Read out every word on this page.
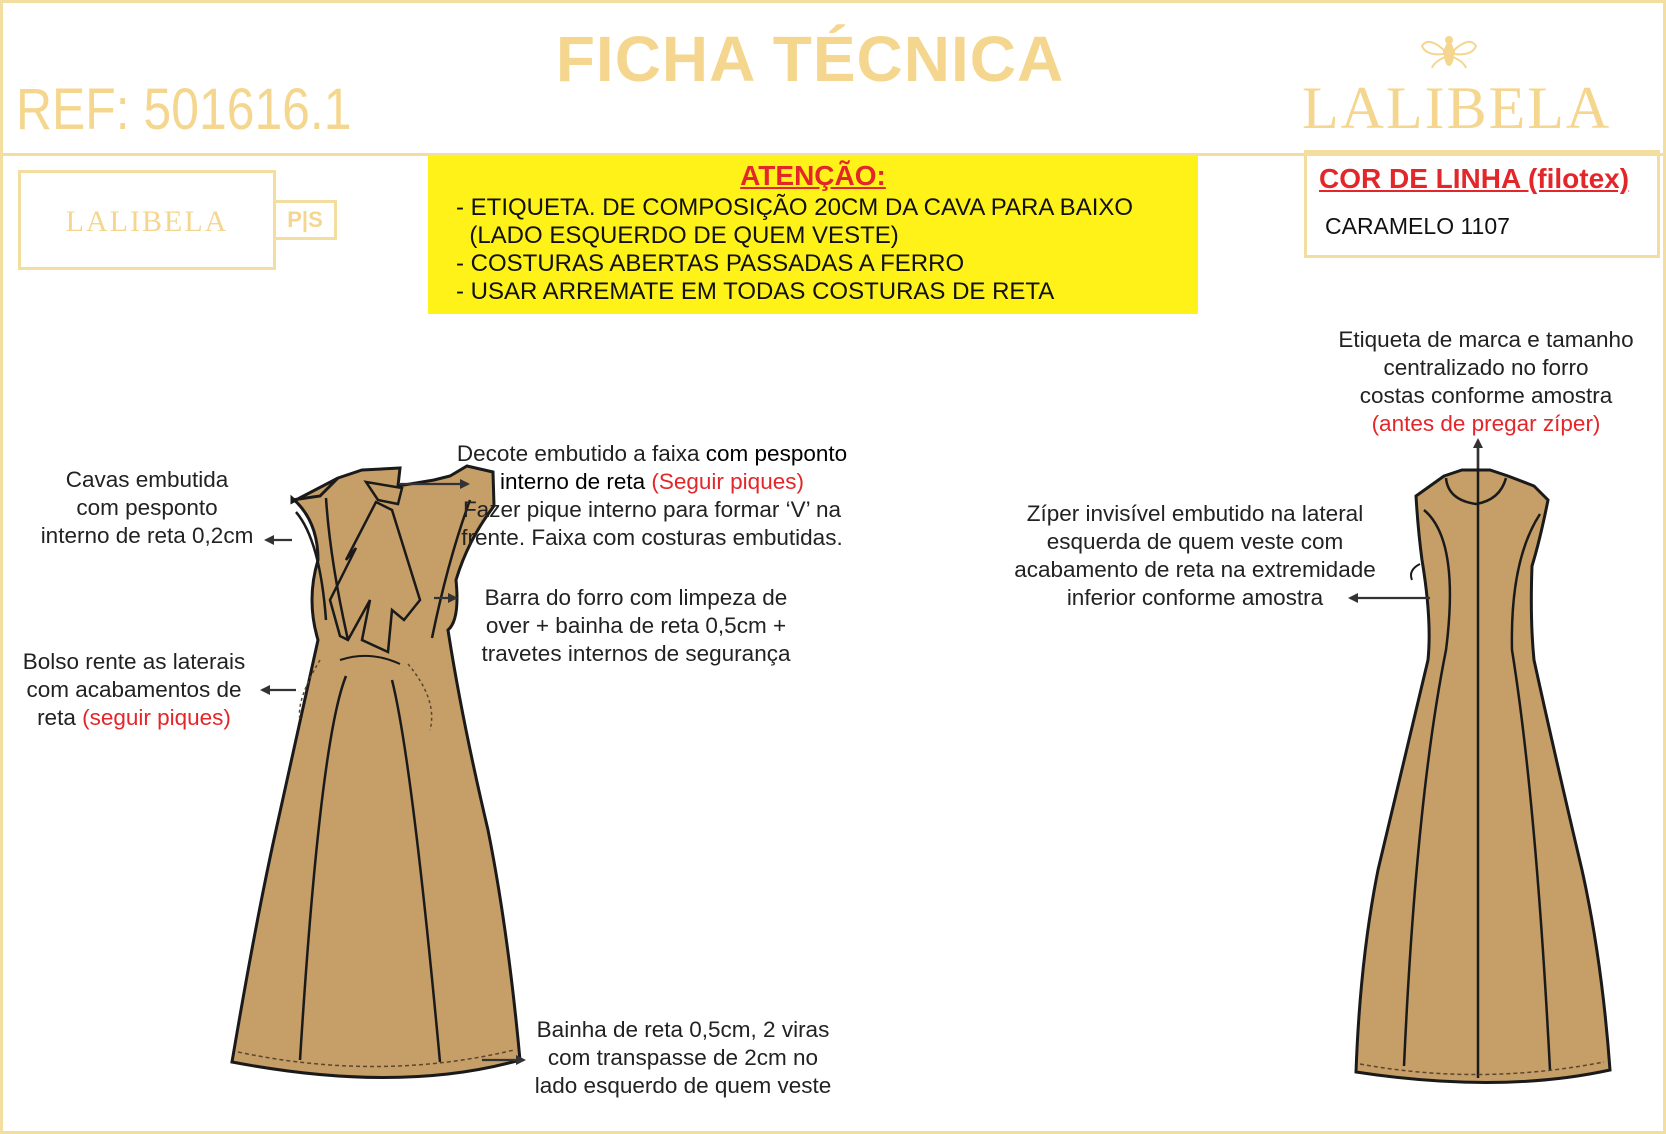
FICHA TÉCNICA
REF: 501616.1	LALIBELA
LALIBELA	P|S
ATENÇÃO:
- ETIQUETA. DE COMPOSIÇÃO 20CM DA CAVA PARA BAIXO
(LADO ESQUERDO DE QUEM VESTE)
- COSTURAS ABERTAS PASSADAS A FERRO
- USAR ARREMATE EM TODAS COSTURAS DE RETA
COR DE LINHA (filotex)
CARAMELO 1107
Cavas embutida
com pesponto
interno de reta 0,2cm
Bolso rente as laterais
com acabamentos de
reta (seguir piques)
Decote embutido a faixa com pesponto
interno de reta (Seguir piques)
Fazer pique interno para formar ‘V’ na
frente. Faixa com costuras embutidas.
Barra do forro com limpeza de
over + bainha de reta 0,5cm +
travetes internos de segurança
Bainha de reta 0,5cm, 2 viras
com transpasse de 2cm no
lado esquerdo de quem veste
Etiqueta de marca e tamanho
centralizado no forro
costas conforme amostra
(antes de pregar zíper)
Zíper invisível embutido na lateral
esquerda de quem veste com
acabamento de reta na extremidade
inferior conforme amostra
